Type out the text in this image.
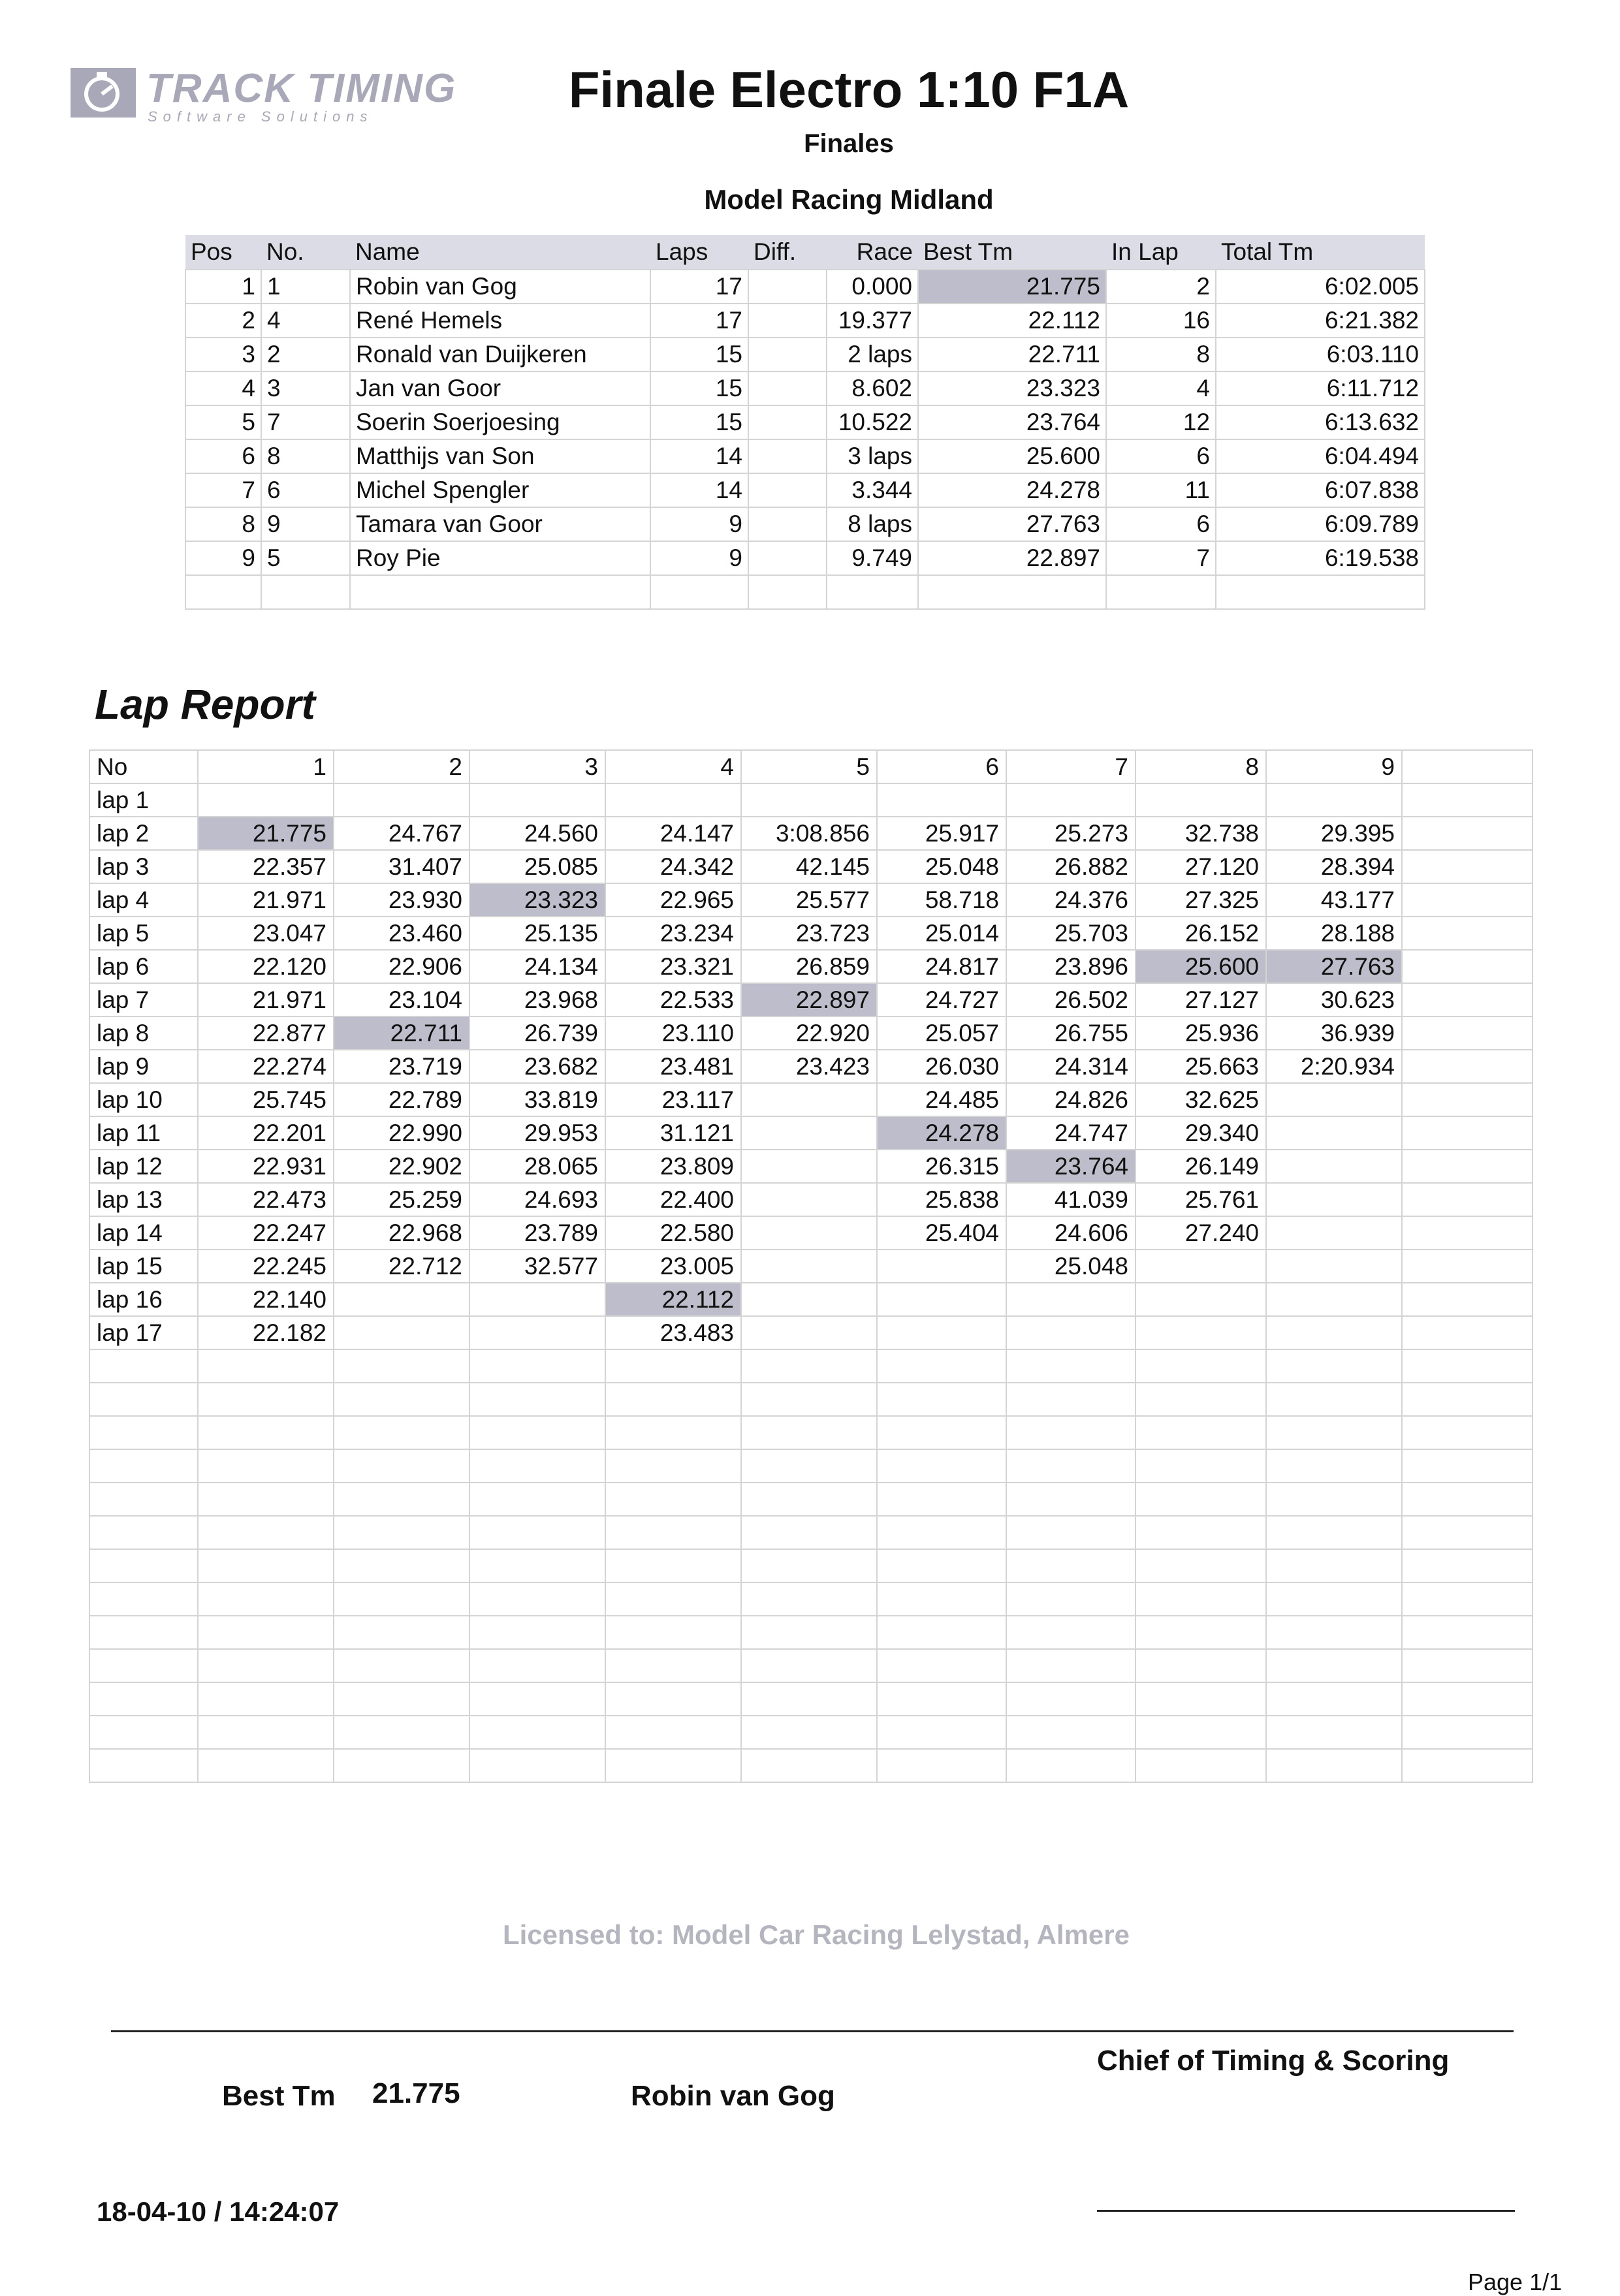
TRACK TIMING
Software Solutions	Finale Electro 1:10 F1A
Finales
Model Racing Midland
Pos	No.	Name	Laps	Diff.	Race	Best Tm	In Lap	Total Tm
1	1	Robin van Gog	17		0.000	21.775	2	6:02.005
2	4	René Hemels	17		19.377	22.112	16	6:21.382
3	2	Ronald van Duijkeren	15		2 laps	22.711	8	6:03.110
4	3	Jan van Goor	15		8.602	23.323	4	6:11.712
5	7	Soerin Soerjoesing	15		10.522	23.764	12	6:13.632
6	8	Matthijs van Son	14		3 laps	25.600	6	6:04.494
7	6	Michel Spengler	14		3.344	24.278	11	6:07.838
8	9	Tamara van Goor	9		8 laps	27.763	6	6:09.789
9	5	Roy Pie	9		9.749	22.897	7	6:19.538

Lap Report
No	1	2	3	4	5	6	7	8	9	
lap 1										
lap 2	21.775	24.767	24.560	24.147	3:08.856	25.917	25.273	32.738	29.395	
lap 3	22.357	31.407	25.085	24.342	42.145	25.048	26.882	27.120	28.394	
lap 4	21.971	23.930	23.323	22.965	25.577	58.718	24.376	27.325	43.177	
lap 5	23.047	23.460	25.135	23.234	23.723	25.014	25.703	26.152	28.188	
lap 6	22.120	22.906	24.134	23.321	26.859	24.817	23.896	25.600	27.763	
lap 7	21.971	23.104	23.968	22.533	22.897	24.727	26.502	27.127	30.623	
lap 8	22.877	22.711	26.739	23.110	22.920	25.057	26.755	25.936	36.939	
lap 9	22.274	23.719	23.682	23.481	23.423	26.030	24.314	25.663	2:20.934	
lap 10	25.745	22.789	33.819	23.117		24.485	24.826	32.625		
lap 11	22.201	22.990	29.953	31.121		24.278	24.747	29.340		
lap 12	22.931	22.902	28.065	23.809		26.315	23.764	26.149		
lap 13	22.473	25.259	24.693	22.400		25.838	41.039	25.761		
lap 14	22.247	22.968	23.789	22.580		25.404	24.606	27.240		
lap 15	22.245	22.712	32.577	23.005			25.048			
lap 16	22.140			22.112						
lap 17	22.182			23.483						

Licensed to: Model Car Racing Lelystad, Almere
Chief of Timing & Scoring
Best Tm 21.775	Robin van Gog
18-04-10 / 14:24:07
Page 1/1
